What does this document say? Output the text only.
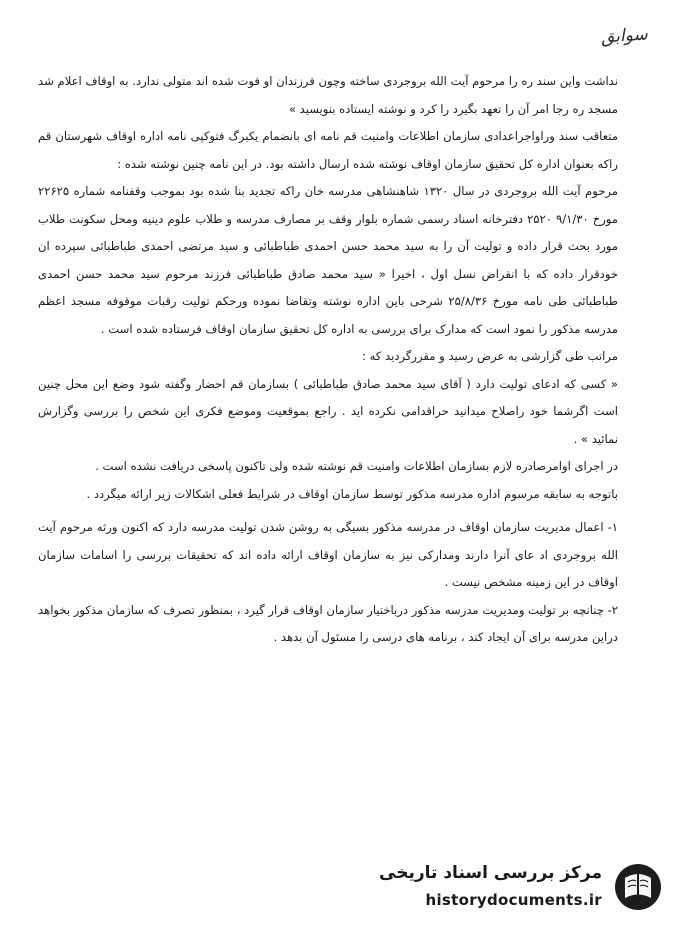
سوابق

نداشت واین سند ره را مرحوم آیت الله بروجردی ساخته وچون فرزندان او فوت شده اند متولی ندارد. به اوقاف اعلام شد مسجد ره رجا امر آن را تعهد بگیرد را کرد و نوشته ایستاده بنویسید »

متعاقب سند وراواجراعدادی سازمان اطلاعات وامنیت قم نامه ای بانضمام یکبرگ فتوکپی نامه اداره اوقاف شهرستان قم راکه بعنوان اداره کل تحقیق سازمان اوقاف نوشته شده ارسال داشته بود. در این نامه چنین نوشته شده :

مرحوم آیت الله بروجردی در سال ۱۳۲۰ شاهنشاهی مدرسه خان راکه تجدید بنا شده بود بموجب وقفنامه شماره ۲۲۶۲۵ مورخ ۹/۱/۳۰ ۲۵۲۰ دفترخانه اسناد رسمی شماره بلوار وقف بر مصارف مدرسه و طلاب علوم دینیه ومحل سکونت طلاب مورد بحث قرار داده و تولیت آن را به سید محمد حسن احمدی طباطبائی و سید مرتضی احمدی طباطبائی سپرده ان خودقرار داده که با انقراض نسل اول ، اخیرا « سید محمد صادق طباطبائی فرزند مرحوم سید محمد حسن احمدی طباطبائی طی نامه مورخ ۲۵/۸/۳۶ شرحی باین اداره نوشته وتقاضا نموده ورحکم تولیت رقبات موقوفه مسجد اعظم مدرسه مذکور را نمود است که مدارک برای بررسی به اداره کل تحقیق سازمان اوقاف فرستاده شده است .

مراتب طی گزارشی به عرض رسید و مقررگردید که :

« کسی که ادعای تولیت دارد ( آقای سید محمد صادق طباطبائی ) بسازمان قم احضار وگفته شود وضع این محل چنین است اگرشما خود راصلاح میدانید حراقدامی نکرده اید . راجع بموقعیت وموضع فکری این شخص را بررسی وگزارش نمائید » .

در اجرای اوامرصادره لازم بسازمان اطلاعات وامنیت قم نوشته شده ولی تاکنون پاسخی دریافت نشده است .

باتوجه به سابقه مرسوم اداره مدرسه مذکور توسط سازمان اوقاف در شرایط فعلی اشکالات زیر ارائه میگردد .

۱- اعمال مدیریت سازمان اوقاف در مدرسه مذکور بسیگی به روشن شدن تولیت مدرسه دارد که اکنون ورثه مرحوم آیت الله بروجردی اد عای آنرا دارند ومدارکی نیز به سازمان اوقاف ارائه داده اند که تحقیقات بررسی را اسامات سازمان اوقاف در این زمینه مشخص نیست .

۲- چنانچه بر تولیت ومدیریت مدرسه مذکور درباختیار سازمان اوقاف قرار گیرد ، بمنظور تصرف که سازمان مذکور بخواهد دراین مدرسه برای آن ایجاد کند ، برنامه های درسی را مسئول آن بدهد .

مرکز بررسی اسناد تاریخی
historydocuments.ir
